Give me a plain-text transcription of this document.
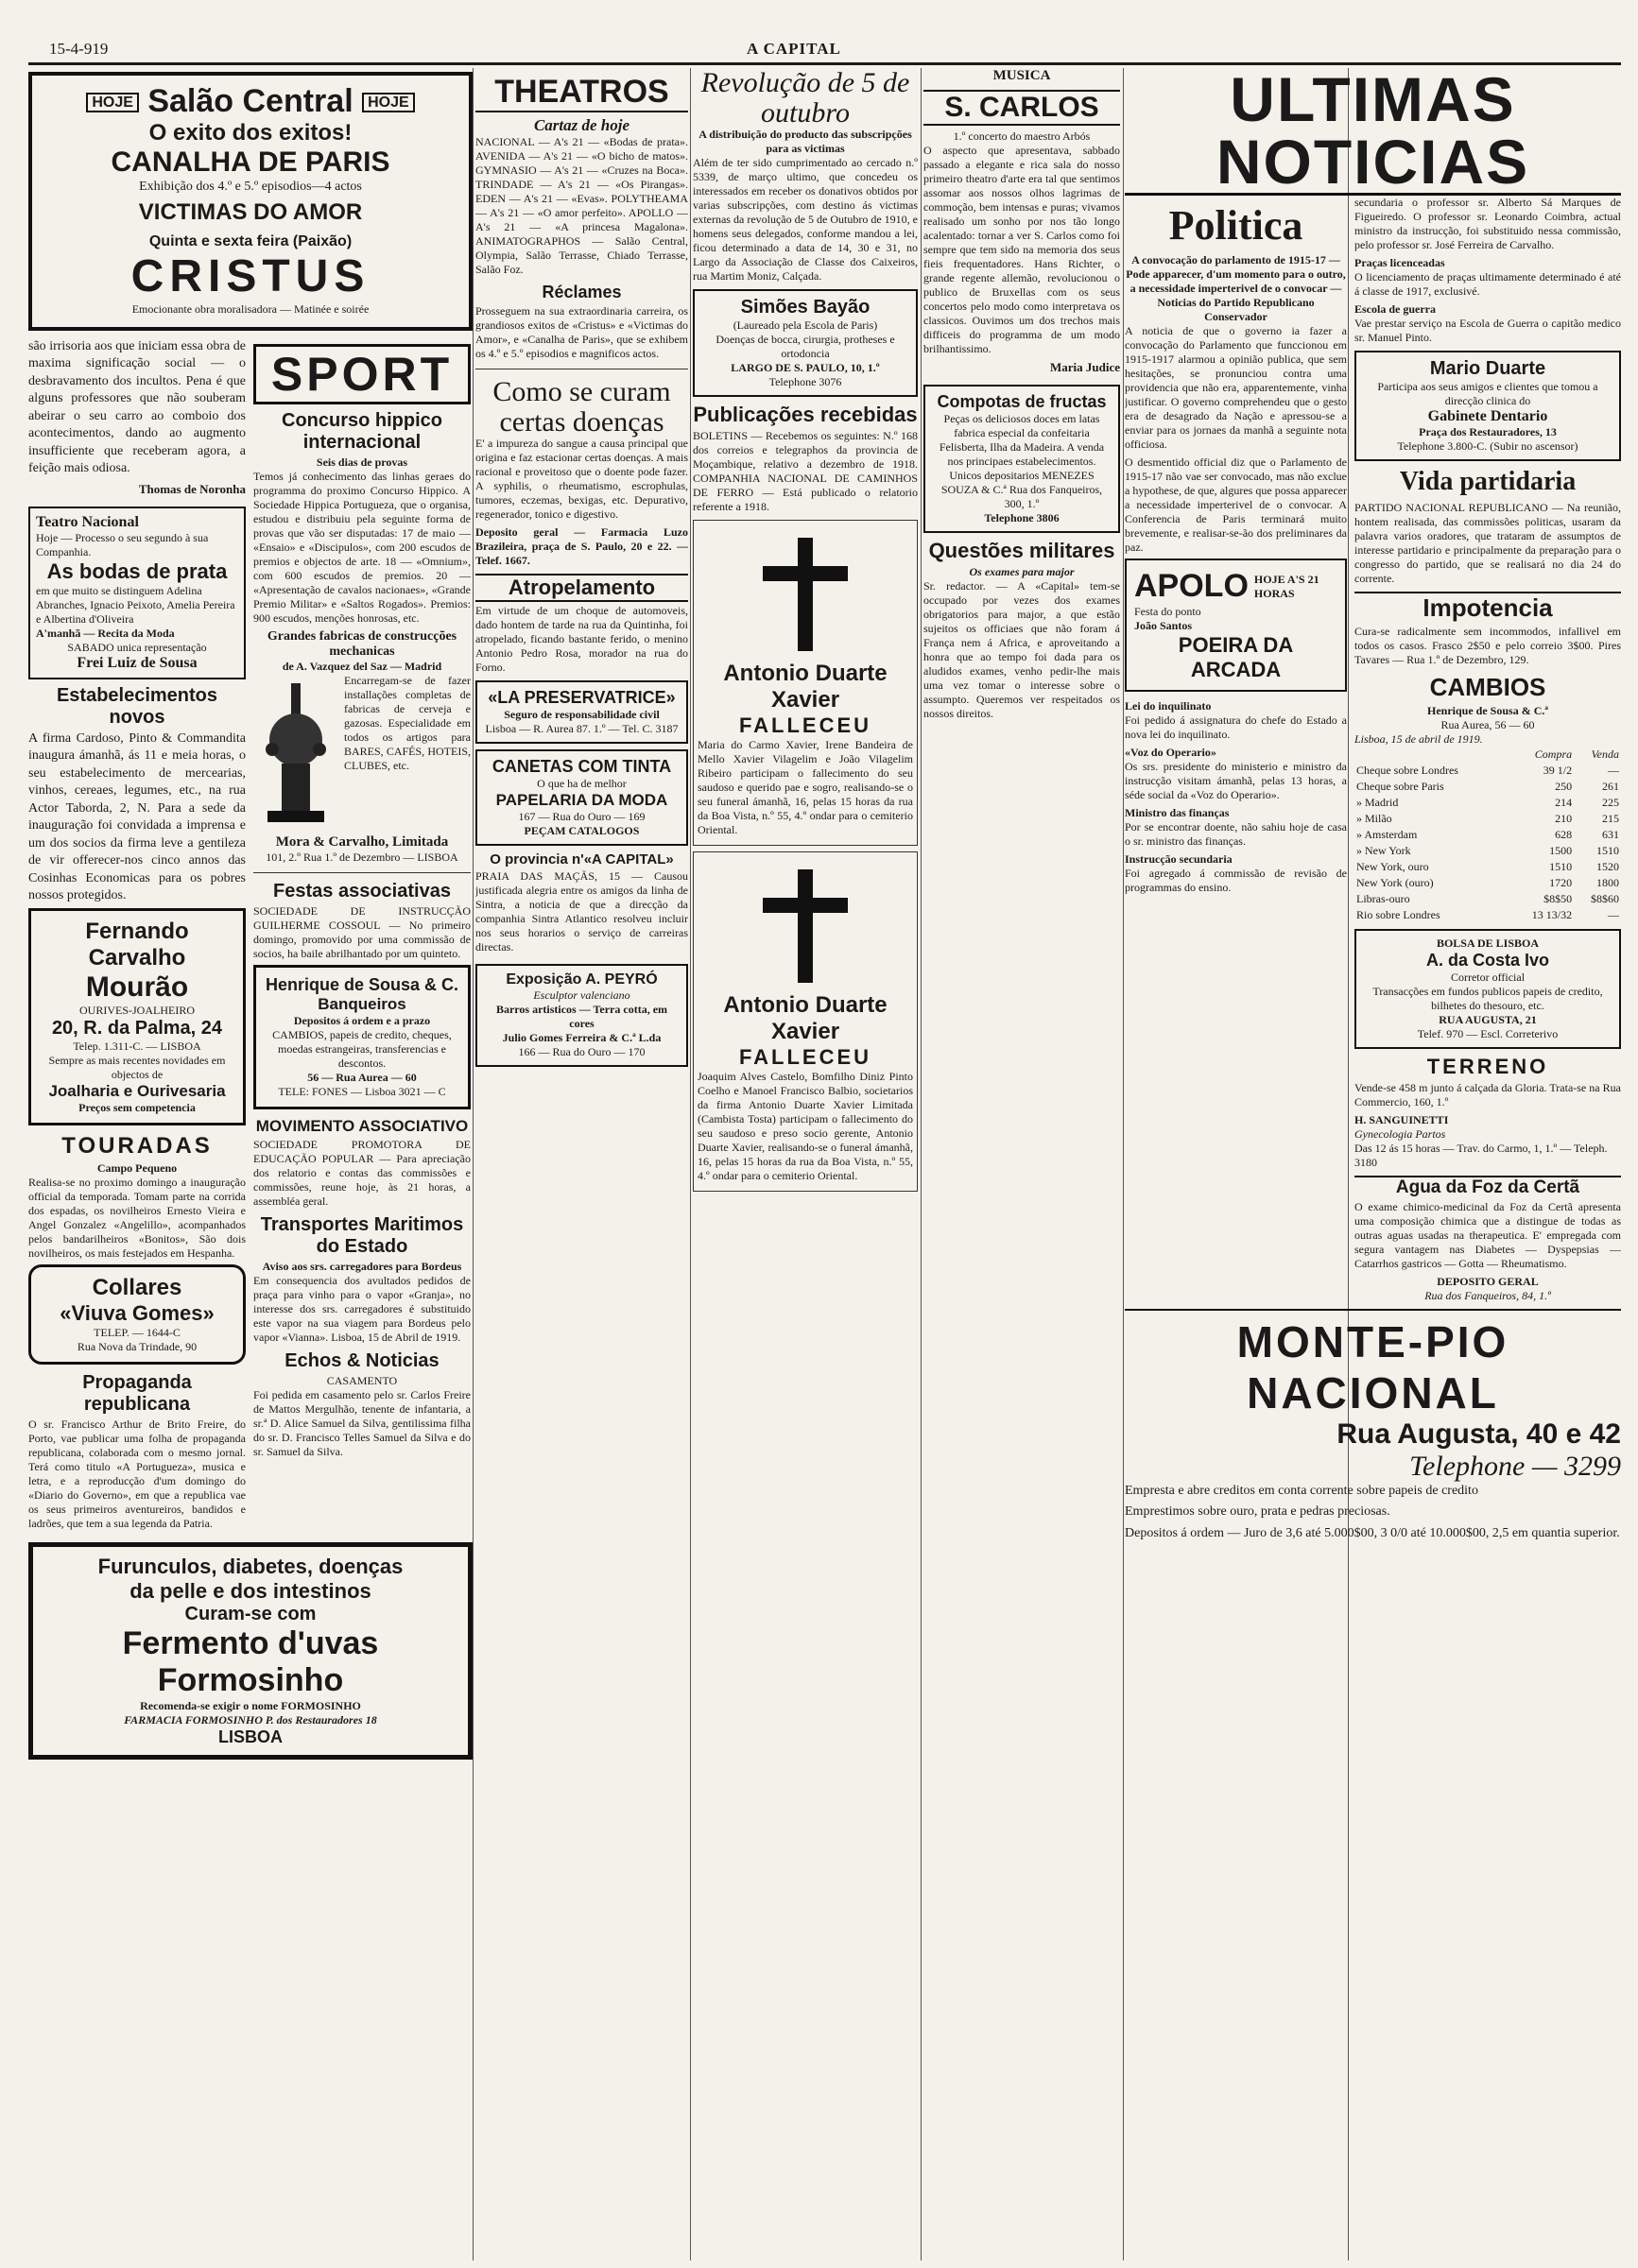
15-4-919	A CAPITAL
HOJE Salão Central HOJE
O exito dos exitos!
CANALHA DE PARIS
Exhibição dos 4.º e 5.º episodios—4 actos
VICTIMAS DO AMOR
Quinta e sexta feira (Paixão)
CRISTUS
Emocionante obra moralisadora — Matinée e soirée

são irrisoria aos que iniciam essa obra de maxima significação social — o desbravamento dos incultos. Pena é que alguns professores que não souberam abeirar o seu carro ao comboio dos acontecimentos, dando ao augmento insufficiente que receberam agora, a feição mais odiosa.

Thomas de Noronha
Teatro Nacional
Hoje — Processo o seu segundo à sua Companhia.
As bodas de prata
em que muito se distinguem Adelina Abranches, Ignacio Peixoto, Amelia Pereira e Albertina d'Oliveira
A'manhã — Recita da Moda
SABADO unica representação
Frei Luiz de Sousa
Estabelecimentos novos

A firma Cardoso, Pinto & Commandita inaugura ámanhã, ás 11 e meia horas, o seu estabelecimento de mercearias, vinhos, cereaes, legumes, etc., na rua Actor Taborda, 2, N. Para a sede da inauguração foi convidada a imprensa e um dos socios da firma leve a gentileza de vir offerecer-nos cinco annos das Cosinhas Economicas para os pobres nossos protegidos.

Fernando Carvalho
Mourão
OURIVES-JOALHEIRO
20, R. da Palma, 24
Telep. 1.311-C. — LISBOA
Sempre as mais recentes novidades em objectos de
Joalharia e Ourivesaria
Preços sem competencia
TOURADAS
Campo Pequeno

Realisa-se no proximo domingo a inauguração official da temporada. Tomam parte na corrida dos espadas, os novilheiros Ernesto Vieira e Angel Gonzalez «Angelillo», acompanhados pelos bandarilheiros «Bonitos», São dois novilheiros, os mais festejados em Hespanha.

Collares
«Viuva Gomes»
TELEP. — 1644-C
Rua Nova da Trindade, 90
Propaganda republicana

O sr. Francisco Arthur de Brito Freire, do Porto, vae publicar uma folha de propaganda republicana, colaborada com o mesmo jornal. Terá como titulo «A Portugueza», musica e letra, e a reproducção d'um domingo do «Diario do Governo», em que a republica vae os seus primeiros aventureiros, bandidos e ladrões, que tem a sua legenda da Patria.

SPORT
Concurso hippico internacional
Seis dias de provas

Temos já conhecimento das linhas geraes do programma do proximo Concurso Hippico. A Sociedade Hippica Portugueza, que o organisa, estudou e distribuiu pela seguinte forma de provas que vão ser disputadas: 17 de maio — «Ensaio» e «Discipulos», com 200 escudos de premios e objectos de arte. 18 — «Omnium», com 600 escudos de premios. 20 — «Apresentação de cavalos nacionaes», «Grande Premio Militar» e «Saltos Rogados». Premios: 900 escudos, menções honrosas, etc.

Grandes fabricas de construcções mechanicas
de A. Vazquez del Saz — Madrid

Encarregam-se de fazer installações completas de fabricas de cerveja e gazosas. Especialidade em todos os artigos para BARES, CAFÉS, HOTEIS, CLUBES, etc.

Mora & Carvalho, Limitada
101, 2.º Rua 1.º de Dezembro — LISBOA
Festas associativas

SOCIEDADE DE INSTRUCÇÃO GUILHERME COSSOUL — No primeiro domingo, promovido por uma commissão de socios, ha baile abrilhantado por um quinteto.

Henrique de Sousa & C.
Banqueiros
Depositos á ordem e a prazo
CAMBIOS, papeis de credito, cheques, moedas estrangeiras, transferencias e descontos.
56 — Rua Aurea — 60
TELE: FONES — Lisboa 3021 — C
MOVIMENTO ASSOCIATIVO

SOCIEDADE PROMOTORA DE EDUCAÇÃO POPULAR — Para apreciação dos relatorio e contas das commissões e commissões, reune hoje, às 21 horas, a assembléa geral.

Transportes Maritimos do Estado
Aviso aos srs. carregadores para Bordeus

Em consequencia dos avultados pedidos de praça para vinho para o vapor «Granja», no interesse dos srs. carregadores é substituido este vapor na sua viagem para Bordeus pelo vapor «Vianna». Lisboa, 15 de Abril de 1919.

Echos & Noticias
CASAMENTO

Foi pedida em casamento pelo sr. Carlos Freire de Mattos Mergulhão, tenente de infantaria, a sr.ª D. Alice Samuel da Silva, gentilissima filha do sr. D. Francisco Telles Samuel da Silva e do sr. Samuel da Silva.

Furunculos, diabetes, doenças
da pelle e dos intestinos
Curam-se com
Fermento d'uvas Formosinho
Recomenda-se exigir o nome FORMOSINHO
FARMACIA FORMOSINHO P. dos Restauradores 18
LISBOA
THEATROS
Cartaz de hoje

NACIONAL — A's 21 — «Bodas de prata». AVENIDA — A's 21 — «O bicho de matos». GYMNASIO — A's 21 — «Cruzes na Boca». TRINDADE — A's 21 — «Os Pirangas». EDEN — A's 21 — «Evas». POLYTHEAMA — A's 21 — «O amor perfeito». APOLLO — A's 21 — «A princesa Magalona». ANIMATOGRAPHOS — Salão Central, Olympia, Salão Terrasse, Chiado Terrasse, Salão Foz.

Réclames

Prosseguem na sua extraordinaria carreira, os grandiosos exitos de «Cristus» e «Victimas do Amor», e «Canalha de Paris», que se exhibem os 4.º e 5.º episodios e magnificos actos.

Como se curam certas doenças

E' a impureza do sangue a causa principal que origina e faz estacionar certas doenças. A mais racional e proveitoso que o doente pode fazer. A syphilis, o rheumatismo, escrophulas, tumores, eczemas, bexigas, etc. Depurativo, regenerador, tonico e digestivo.

Deposito geral — Farmacia Luzo Brazileira, praça de S. Paulo, 20 e 22. — Telef. 1667.

Atropelamento

Em virtude de um choque de automoveis, dado hontem de tarde na rua da Quintinha, foi atropelado, ficando bastante ferido, o menino Antonio Pedro Rosa, morador na rua do Forno.

«LA PRESERVATRICE»
Seguro de responsabilidade civil
Lisboa — R. Aurea 87. 1.º — Tel. C. 3187
CANETAS COM TINTA
O que ha de melhor
PAPELARIA DA MODA
167 — Rua do Ouro — 169
PEÇAM CATALOGOS
O provincia n'«A CAPITAL»

PRAIA DAS MAÇÃS, 15 — Causou justificada alegria entre os amigos da linha de Sintra, a noticia de que a direcção da companhia Sintra Atlantico resolveu incluir nos seus horarios o serviço de carreiras directas.

Exposição A. PEYRÓ
Esculptor valenciano
Barros artisticos — Terra cotta, em cores
Julio Gomes Ferreira & C.ª L.da
166 — Rua do Ouro — 170
Revolução de 5 de outubro
A distribuição do producto das subscripções para as victimas

Além de ter sido cumprimentado ao cercado n.º 5339, de março ultimo, que concedeu os interessados em receber os donativos obtidos por varias subscripções, com destino ás victimas externas da revolução de 5 de Outubro de 1910, e homens seus delegados, conforme mandou a lei, ficou determinado a data de 14, 30 e 31, no Largo da Associação de Classe dos Caixeiros, rua Martim Moniz, Calçada.

Simões Bayão
(Laureado pela Escola de Paris)
Doenças de bocca, cirurgia, protheses e ortodoncia
LARGO DE S. PAULO, 10, 1.º
Telephone 3076
Publicações recebidas

BOLETINS — Recebemos os seguintes: N.º 168 dos correios e telegraphos da provincia de Moçambique, relativo a dezembro de 1918. COMPANHIA NACIONAL DE CAMINHOS DE FERRO — Está publicado o relatorio referente a 1918.

Antonio Duarte Xavier
FALLECEU

Maria do Carmo Xavier, Irene Bandeira de Mello Xavier Vilagelim e João Vilagelim Ribeiro participam o fallecimento do seu saudoso e querido pae e sogro, realisando-se o seu funeral ámanhã, 16, pelas 15 horas da rua da Boa Vista, n.º 55, 4.º ondar para o cemiterio Oriental.

Antonio Duarte Xavier
FALLECEU

Joaquim Alves Castelo, Bomfilho Diniz Pinto Coelho e Manoel Francisco Balbio, societarios da firma Antonio Duarte Xavier Limitada (Cambista Tosta) participam o fallecimento do seu saudoso e preso socio gerente, Antonio Duarte Xavier, realisando-se o funeral ámanhã, 16, pelas 15 horas da rua da Boa Vista, n.º 55, 4.º ondar para o cemiterio Oriental.

MUSICA
S. CARLOS
1.º concerto do maestro Arbós

O aspecto que apresentava, sabbado passado a elegante e rica sala do nosso primeiro theatro d'arte era tal que sentimos assomar aos nossos olhos lagrimas de commoção, bem intensas e puras; vivamos realisado um sonho por nos tão longo acalentado: tornar a ver S. Carlos como foi sempre que tem sido na memoria dos seus fieis frequentadores. Hans Richter, o grande regente allemão, revolucionou o publico de Bruxellas com os seus concertos pelo modo como interpretava os classicos. Ouvimos um dos trechos mais difficeis do programma de um modo brilhantissimo.

Maria Judice
Compotas de fructas
Peças os deliciosos doces em latas fabrica especial da confeitaria Felisberta, Ilha da Madeira. A venda nos principaes estabelecimentos. Unicos depositarios MENEZES SOUZA & C.ª Rua dos Fanqueiros, 300, 1.º
Telephone 3806
Questões militares
Os exames para major

Sr. redactor. — A «Capital» tem-se occupado por vezes dos exames obrigatorios para major, a que estão sujeitos os officiaes que não foram á França nem á Africa, e aproveitando a honra que ao tempo foi dada para os aludidos exames, venho pedir-lhe mais uma vez tomar o interesse sobre o assumpto. Queremos ver respeitados os nossos direitos.

ULTIMAS NOTICIAS
Politica
A convocação do parlamento de 1915-17 — Pode apparecer, d'um momento para o outro, a necessidade imperterivel de o convocar — Noticias do Partido Republicano Conservador

A noticia de que o governo ia fazer a convocação do Parlamento que funccionou em 1915-1917 alarmou a opinião publica, que sem hesitações, se pronunciou contra uma providencia que não era, apparentemente, vinha justificar. O governo comprehendeu que o gesto era de desagrado da Nação e apressou-se a enviar para os jornaes da manhã a seguinte nota officiosa.

O desmentido official diz que o Parlamento de 1915-17 não vae ser convocado, mas não exclue a hypothese, de que, algures que possa apparecer a necessidade imperterivel de o convocar. A Conferencia de Paris terminará muito brevemente, e realisar-se-ão dos preliminares da paz.

APOLO HOJE A'S 21 HORAS
Festa do ponto
João Santos
POEIRA DA ARCADA
Lei do inquilinato

Foi pedido á assignatura do chefe do Estado a nova lei do inquilinato.

«Voz do Operario»

Os srs. presidente do ministerio e ministro da instrucção visitam ámanhã, pelas 13 horas, a séde social da «Voz do Operario».

Ministro das finanças

Por se encontrar doente, não sahiu hoje de casa o sr. ministro das finanças.

Instrucção secundaria

Foi agregado á commissão de revisão de programmas do ensino.

secundaria o professor sr. Alberto Sá Marques de Figueiredo. O professor sr. Leonardo Coimbra, actual ministro da instrucção, foi substituido nessa commissão, pelo professor sr. José Ferreira de Carvalho.

Praças licenceadas

O licenciamento de praças ultimamente determinado é até á classe de 1917, exclusivé.

Escola de guerra

Vae prestar serviço na Escola de Guerra o capitão medico sr. Manuel Pinto.

Mario Duarte
Participa aos seus amigos e clientes que tomou a direcção clinica do
Gabinete Dentario
Praça dos Restauradores, 13
Telephone 3.800-C. (Subir no ascensor)
Vida partidaria

PARTIDO NACIONAL REPUBLICANO — Na reunião, hontem realisada, das commissões politicas, usaram da palavra varios oradores, que trataram de assumptos de interesse partidario e principalmente da preparação para o congresso do partido, que se realisará no dia 24 do corrente.

Impotencia

Cura-se radicalmente sem incommodos, infallivel em todos os casos. Frasco 2$50 e pelo correio 3$00. Pires Tavares — Rua 1.º de Dezembro, 129.

CAMBIOS
Henrique de Sousa & C.ª
Rua Aurea, 56 — 60
Lisboa, 15 de abril de 1919.
	Compra	Venda
Cheque sobre Londres	39 1/2	—
Cheque sobre Paris	250	261
» Madrid	214	225
» Milão	210	215
» Amsterdam	628	631
» New York	1500	1510
New York, ouro	1510	1520
New York (ouro)	1720	1800
Libras-ouro	$8$50	$8$60
Rio sobre Londres	13 13/32	—
BOLSA DE LISBOA
A. da Costa Ivo
Corretor official
Transacções em fundos publicos papeis de credito, bilhetes do thesouro, etc.
RUA AUGUSTA, 21
Telef. 970 — Escl. Correterivo
TERRENO

Vende-se 458 m junto á calçada da Gloria. Trata-se na Rua Commercio, 160, 1.º

H. SANGUINETTI
Gynecologia Partos
Das 12 ás 15 horas — Trav. do Carmo, 1, 1.º — Teleph. 3180
Agua da Foz da Certã

O exame chimico-medicinal da Foz da Certã apresenta uma composição chimica que a distingue de todas as outras aguas usadas na therapeutica. E' empregada com segura vantagem nas Diabetes — Dyspepsias — Catarrhos gastricos — Gotta — Rheumatismo.

DEPOSITO GERAL
Rua dos Fanqueiros, 84, 1.º
MONTE-PIO NACIONAL
Rua Augusta, 40 e 42
Telephone — 3299

Empresta e abre creditos em conta corrente sobre papeis de credito

Emprestimos sobre ouro, prata e pedras preciosas.

Depositos á ordem — Juro de 3,6 até 5.000$00, 3 0/0 até 10.000$00, 2,5 em quantia superior.
